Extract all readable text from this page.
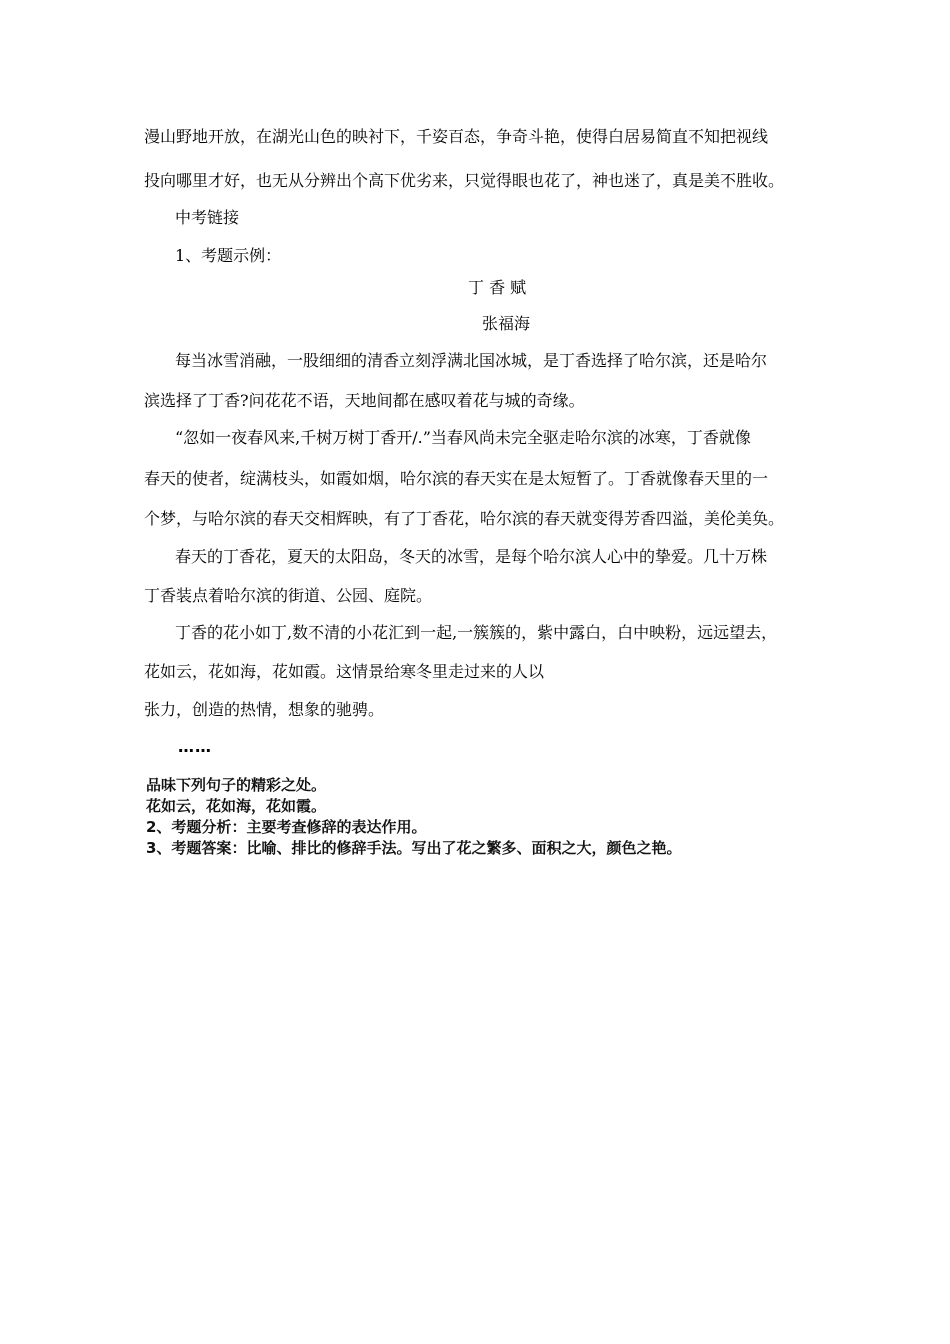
漫山野地开放，在湖光山色的映衬下，千姿百态，争奇斗艳，使得白居易简直不知把视线
投向哪里才好，也无从分辨出个高下优劣来，只觉得眼也花了，神也迷了，真是美不胜收。
中考链接
1、考题示例：
丁 香 赋
张福海
每当冰雪消融，一股细细的清香立刻浮满北国冰城，是丁香选择了哈尔滨，还是哈尔
滨选择了丁香?问花花不语，天地间都在感叹着花与城的奇缘。
“忽如一夜春风来,千树万树丁香开/.”当春风尚未完全驱走哈尔滨的冰寒，丁香就像
春天的使者，绽满枝头，如霞如烟，哈尔滨的春天实在是太短暂了。丁香就像春天里的一
个梦，与哈尔滨的春天交相辉映，有了丁香花，哈尔滨的春天就变得芳香四溢，美伦美奂。
春天的丁香花，夏天的太阳岛，冬天的冰雪，是每个哈尔滨人心中的挚爱。几十万株
丁香装点着哈尔滨的街道、公园、庭院。
丁香的花小如丁,数不清的小花汇到一起,一簇簇的，紫中露白，白中映粉，远远望去，
花如云，花如海，花如霞。这情景给寒冬里走过来的人以
张力，创造的热情，想象的驰骋。
……
品味下列句子的精彩之处。
花如云，花如海，花如霞。
2、考题分析：主要考查修辞的表达作用。
3、考题答案：比喻、排比的修辞手法。写出了花之繁多、面积之大，颜色之艳。
